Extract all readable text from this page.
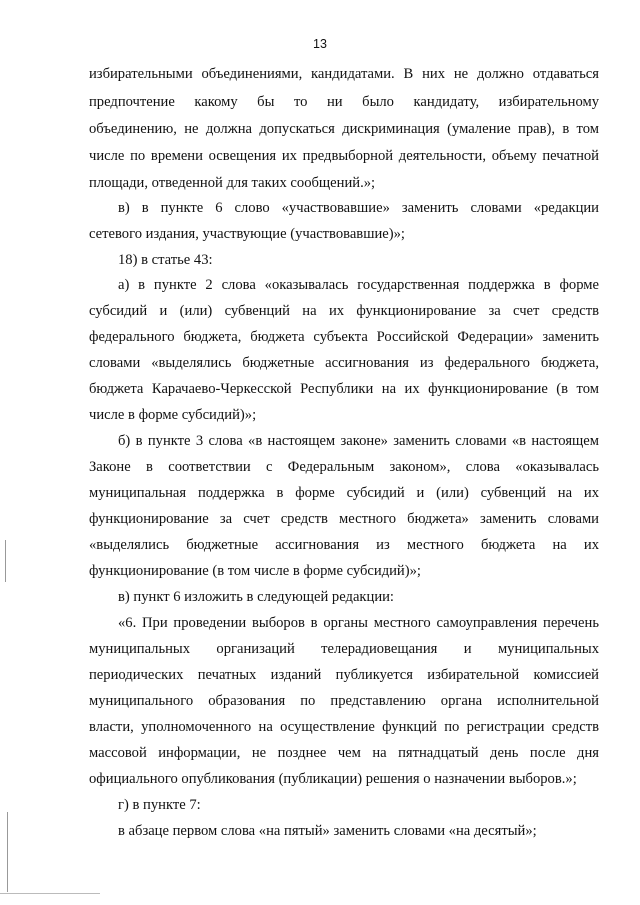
13
избирательными объединениями, кандидатами. В них не должно отдаваться
предпочтение какому бы то ни было кандидату, избирательному
объединению, не должна допускаться дискриминация (умаление прав), в том
числе по времени освещения их предвыборной деятельности, объему печатной
площади, отведенной для таких сообщений.»;
в) в пункте 6 слово «участвовавшие» заменить словами «редакции
сетевого издания, участвующие (участвовавшие)»;
18) в статье 43:
а) в пункте 2 слова «оказывалась государственная поддержка в форме
субсидий и (или) субвенций на их функционирование за счет средств
федерального бюджета, бюджета субъекта Российской Федерации» заменить
словами «выделялись бюджетные ассигнования из федерального бюджета,
бюджета Карачаево-Черкесской Республики на их функционирование (в том
числе в форме субсидий)»;
б) в пункте 3 слова «в настоящем законе» заменить словами «в настоящем
Законе в соответствии с Федеральным законом», слова «оказывалась
муниципальная поддержка в форме субсидий и (или) субвенций на их
функционирование за счет средств местного бюджета» заменить словами
«выделялись бюджетные ассигнования из местного бюджета на их
функционирование (в том числе в форме субсидий)»;
в) пункт 6 изложить в следующей редакции:
«6. При проведении выборов в органы местного самоуправления перечень
муниципальных организаций телерадиовещания и муниципальных
периодических печатных изданий публикуется избирательной комиссией
муниципального образования по представлению органа исполнительной
власти, уполномоченного на осуществление функций по регистрации средств
массовой информации, не позднее чем на пятнадцатый день после дня
официального опубликования (публикации) решения о назначении выборов.»;
г) в пункте 7:
в абзаце первом слова «на пятый» заменить словами «на десятый»;
